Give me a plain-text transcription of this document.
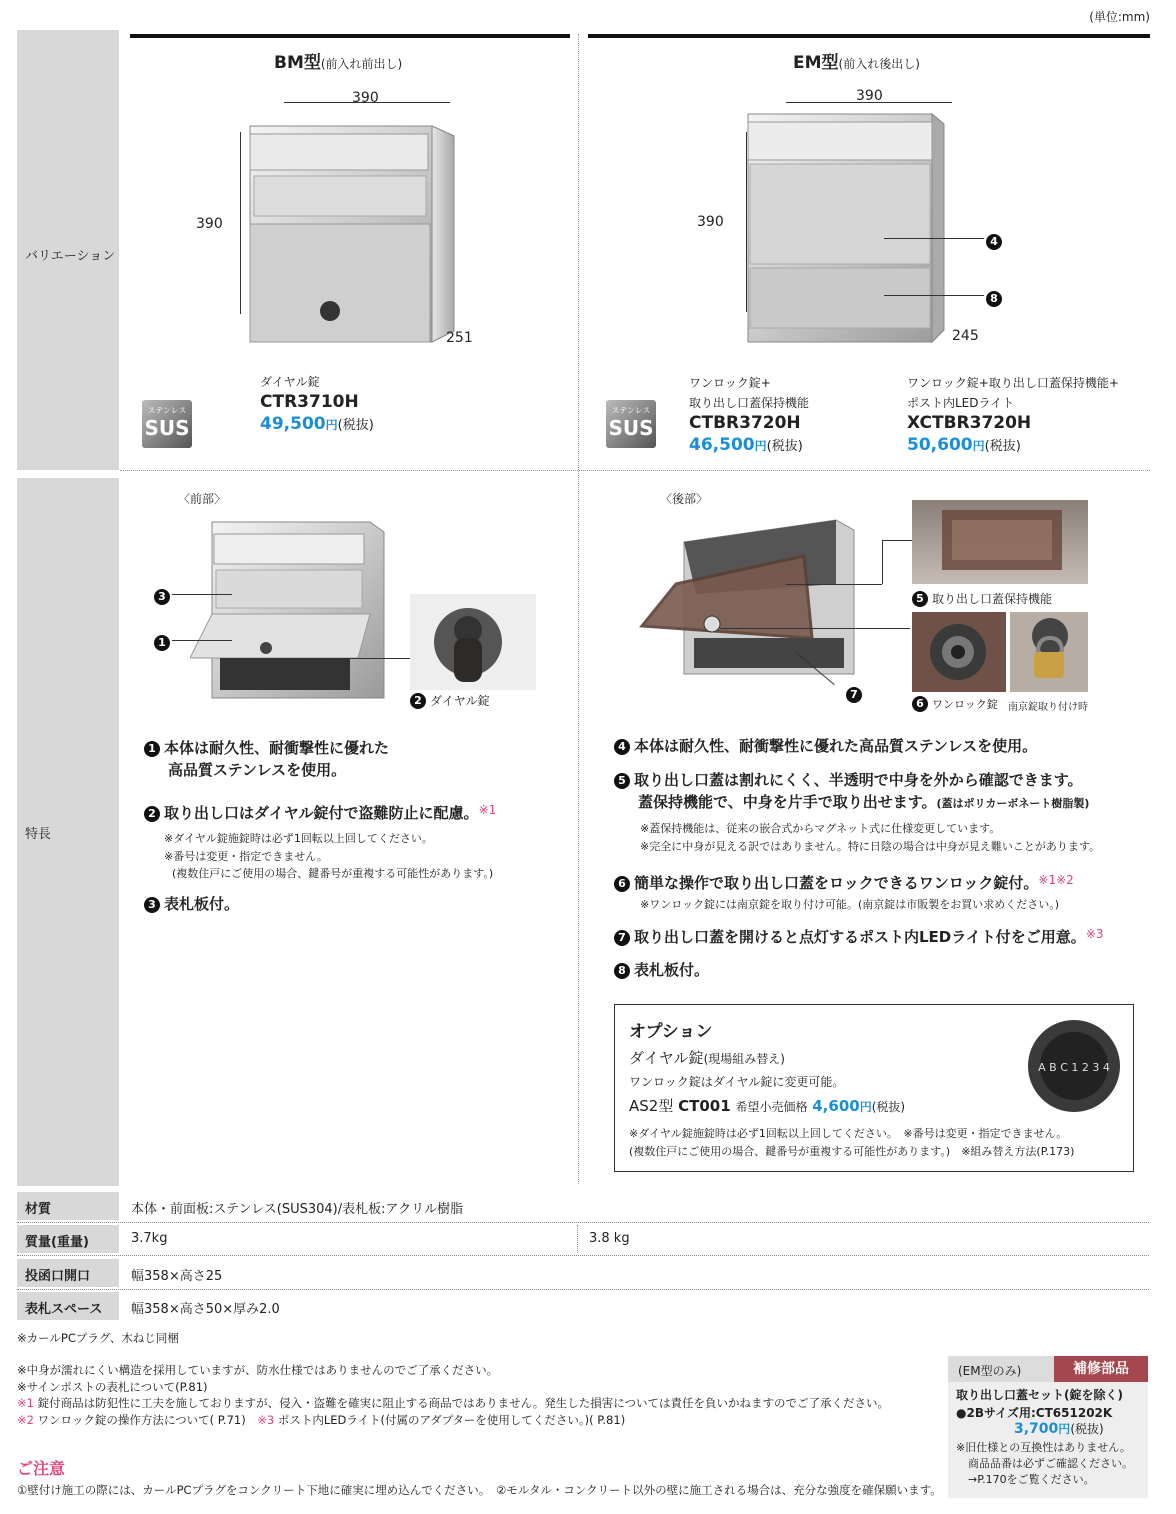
(単位:mm)
バリエーション
特長
BM型(前入れ前出し)
390
390
251
ステンレス
SUS
ダイヤル錠
CTR3710H
49,500円(税抜)
EM型(前入れ後出し)
390
390
245
4
8
ステンレス
SUS
ワンロック錠+
取り出し口蓋保持機能
CTBR3720H
46,500円(税抜)
ワンロック錠+取り出し口蓋保持機能+
ポスト内LEDライト
XCTBR3720H
50,600円(税抜)
〈前部〉
3
1
2 ダイヤル錠
1 本体は耐久性、耐衝撃性に優れた
高品質ステンレスを使用。
2 取り出し口はダイヤル錠付で盗難防止に配慮。$^{※1}$
※ダイヤル錠施錠時は必ず1回転以上回してください。
※番号は変更・指定できません。
(複数住戸にご使用の場合、鍵番号が重複する可能性があります。)
3 表札板付。
〈後部〉
7
5 取り出し口蓋保持機能
6 ワンロック錠 南京錠取り付け時
4 本体は耐久性、耐衝撃性に優れた高品質ステンレスを使用。
5 取り出し口蓋は割れにくく、半透明で中身を外から確認できます。
蓋保持機能で、中身を片手で取り出せます。(蓋はポリカーボネート樹脂製)
※蓋保持機能は、従来の嵌合式からマグネット式に仕様変更しています。
※完全に中身が見える訳ではありません。特に日陰の場合は中身が見え難いことがあります。
6 簡単な操作で取り出し口蓋をロックできるワンロック錠付。$^{※1※2}$
※ワンロック錠には南京錠を取り付け可能。(南京錠は市販製をお買い求めください。)
7 取り出し口蓋を開けると点灯するポスト内LEDライト付をご用意。$^{※3}$
8 表札板付。
オプション
ダイヤル錠(現場組み替え)
ワンロック錠はダイヤル錠に変更可能。
AS2型 CT001 希望小売価格 4,600円(税抜)
※ダイヤル錠施錠時は必ず1回転以上回してください。　※番号は変更・指定できません。
(複数住戸にご使用の場合、鍵番号が重複する可能性があります。)　※組み替え方法(P.173)
A B C 1 2 3 4
材質	本体・前面板:ステンレス(SUS304)/表札板:アクリル樹脂
質量(重量)	3.7kg	3.8 kg
投函口開口	幅358×高さ25
表札スペース	幅358×高さ50×厚み2.0
※カールPCプラグ、木ねじ同梱
※中身が濡れにくい構造を採用していますが、防水仕様ではありませんのでご了承ください。
※サインポストの表札について(P.81)
※1 錠付商品は防犯性に工夫を施しておりますが、侵入・盗難を確実に阻止する商品ではありません。発生した損害については責任を負いかねますのでご了承ください。
※2 ワンロック錠の操作方法について( P.71)　 ※3 ポスト内LEDライト(付属のアダプターを使用してください。)( P.81)
ご注意
①壁付け施工の際には、カールPCプラグをコンクリート下地に確実に埋め込んでください。　②モルタル・コンクリート以外の壁に施工される場合は、充分な強度を確保願います。
(EM型のみ)	補修部品
取り出し口蓋セット(錠を除く)
●2Bサイズ用:CT651202K
3,700円(税抜)
※旧仕様との互換性はありません。
商品品番は必ずご確認ください。
→P.170をご覧ください。
